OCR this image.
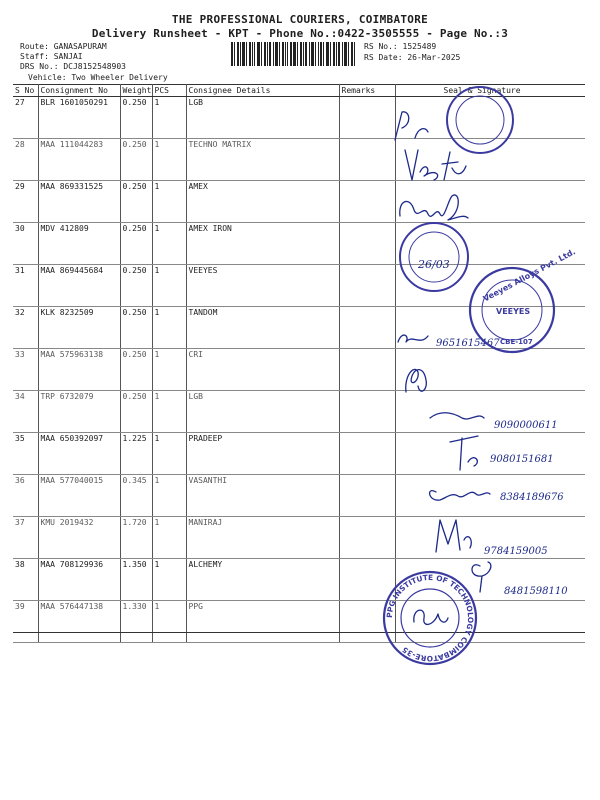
THE PROFESSIONAL COURIERS, COIMBATORE
Delivery Runsheet - KPT - Phone No.:0422-3505555 - Page No.:3
Route: GANASAPURAM
Staff: SANJAI
DRS No.: DCJ8152548903
Vehicle: Two Wheeler Delivery
RS No.: 1525489
RS Date: 26-Mar-2025
S No	Consignment No	Weight	PCS	Consignee Details	Remarks	Seal & Signature
27	BLR 1601050291	0.250	1	LGB		
28	MAA 111044283	0.250	1	TECHNO MATRIX		
29	MAA 869331525	0.250	1	AMEX		
30	MDV 412809	0.250	1	AMEX IRON		
31	MAA 869445684	0.250	1	VEEYES		
32	KLK 8232509	0.250	1	TANDOM		
33	MAA 575963138	0.250	1	CRI		
34	TRP 6732079	0.250	1	LGB		
35	MAA 650392097	1.225	1	PRADEEP		
36	MAA 577040015	0.345	1	VASANTHI		
37	KMU 2019432	1.720	1	MANIRAJ		
38	MAA 708129936	1.350	1	ALCHEMY		
39	MAA 576447138	1.330	1	PPG		
26/03
9651615467
Veeyes Alloys Pvt. Ltd.
VEEYES
CBE-107
9090000611
9080151681
8384189676
9784159005
8481598110
PPG INSTITUTE OF TECHNOLOGY COIMBATORE-35
